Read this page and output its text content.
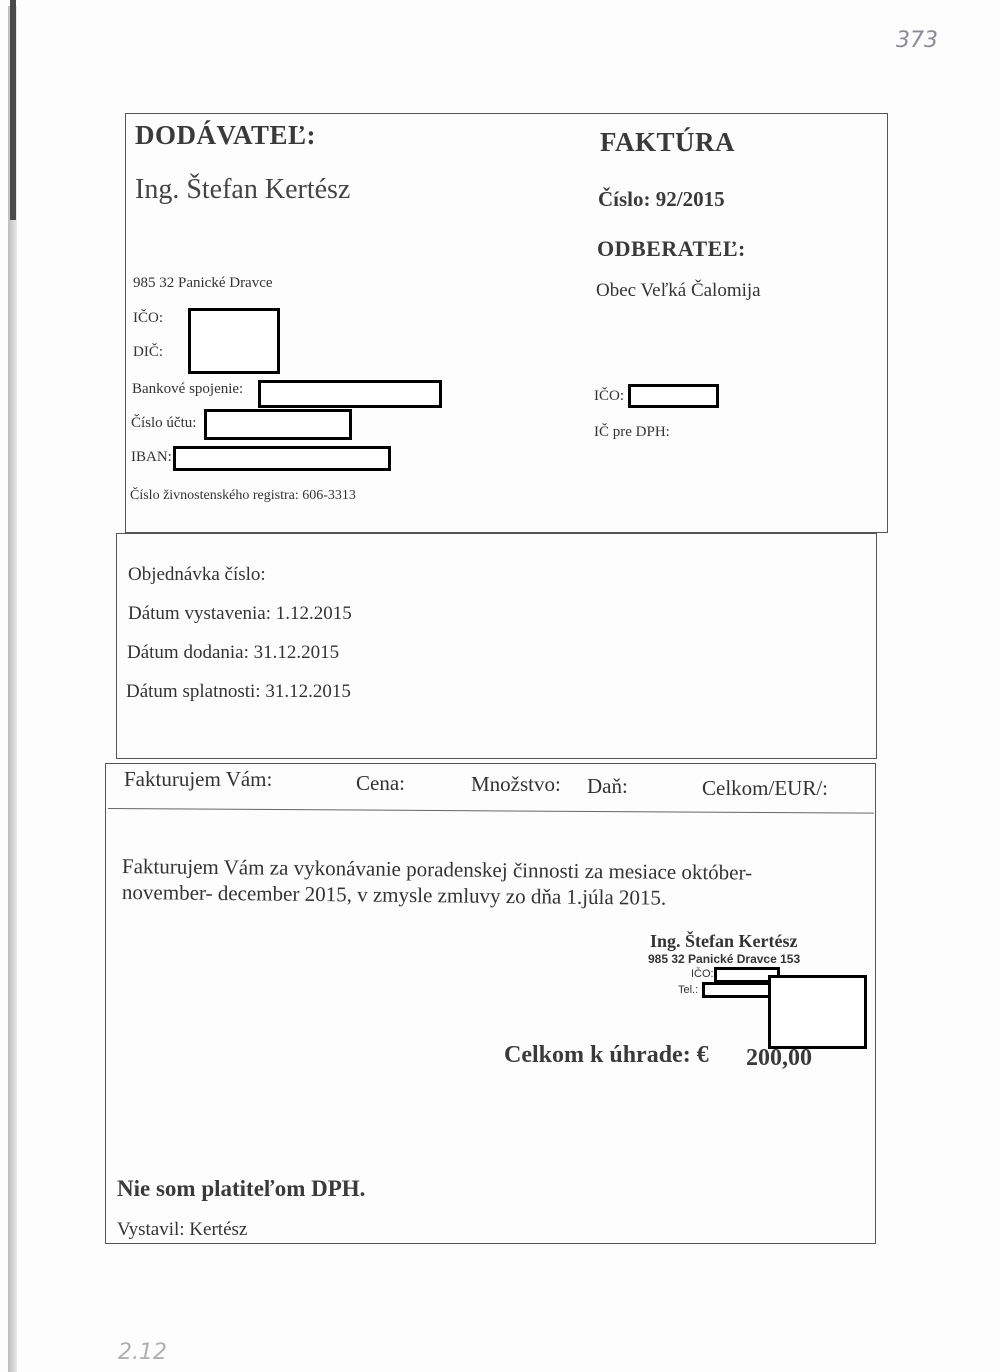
373
DODÁVATEĽ:
Ing. Štefan Kertész
985 32 Panické Dravce
IČO:
DIČ:
Bankové spojenie:
Číslo účtu:
IBAN:
Číslo živnostenského registra: 606-3313
FAKTÚRA
Číslo: 92/2015
ODBERATEĽ:
Obec Veľká Čalomija
IČO:
IČ pre DPH:
Objednávka číslo:
Dátum vystavenia: 1.12.2015
Dátum dodania: 31.12.2015
Dátum splatnosti: 31.12.2015
Fakturujem Vám:	Cena:	Množstvo: Daň:	Celkom/EUR/:
Fakturujem Vám za vykonávanie poradenskej činnosti za mesiace október-
november- december 2015, v zmysle zmluvy zo dňa 1.júla 2015.
Ing. Štefan Kertész
985 32 Panické Dravce 153
IČO:
Tel.:
Celkom k úhrade: € 200,00
Nie som platiteľom DPH.
Vystavil: Kertész
2.12
